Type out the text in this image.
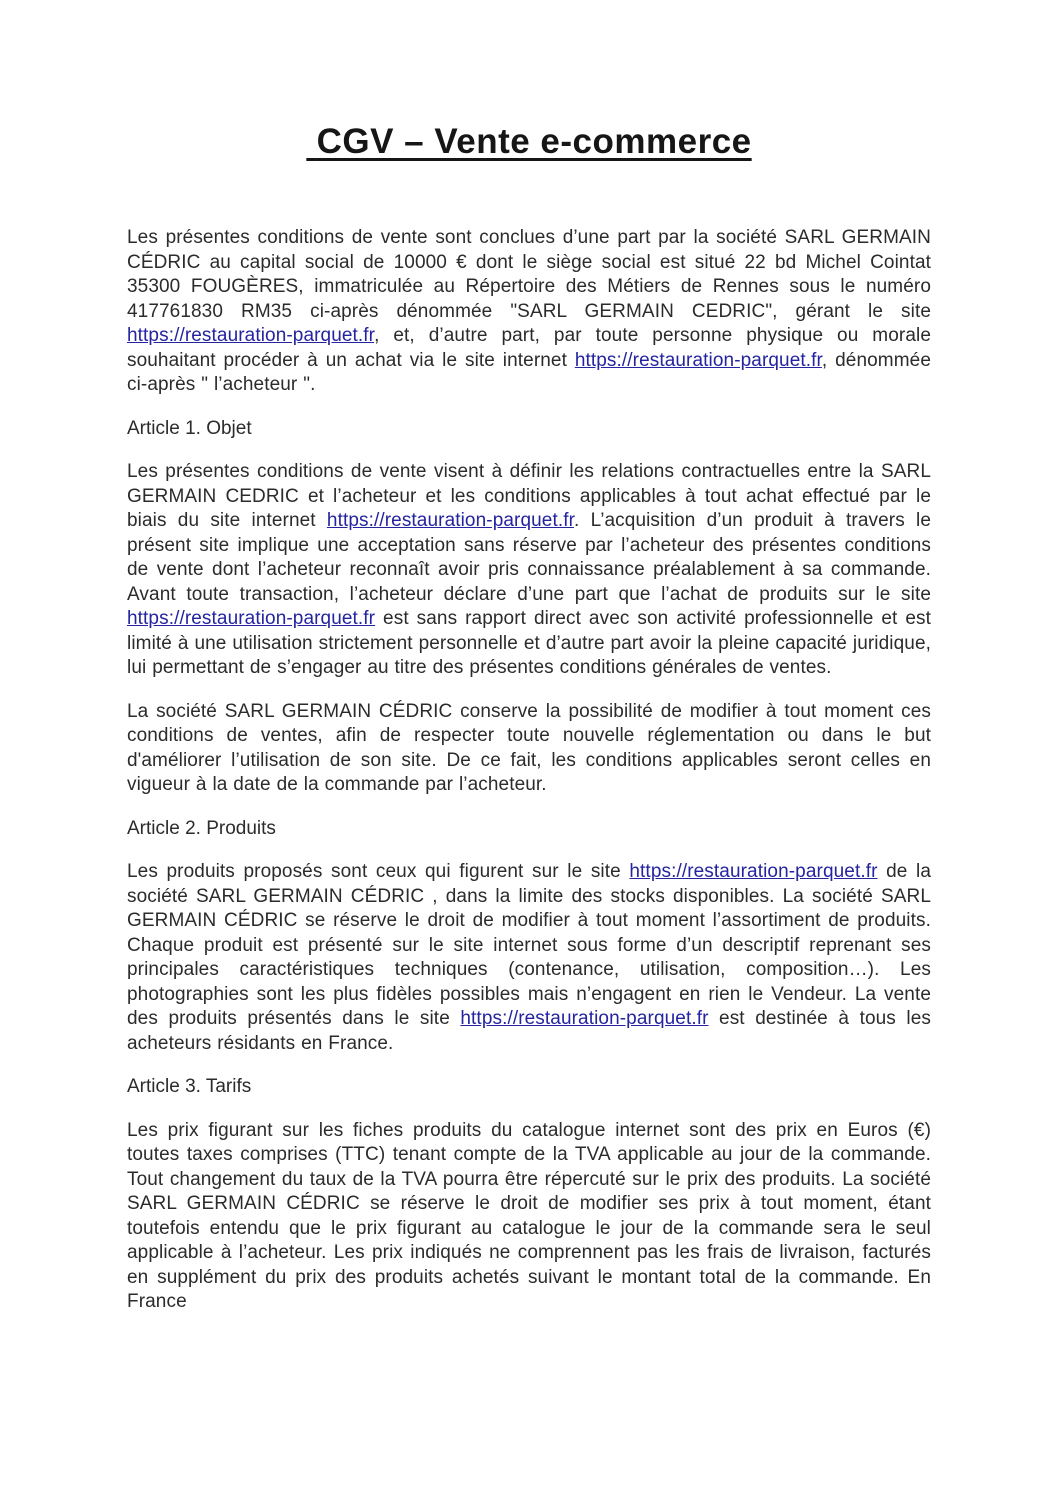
CGV – Vente e-commerce

Les présentes conditions de vente sont conclues d’une part par la société SARL GERMAIN CÉDRIC au capital social de 10000 € dont le siège social est situé 22 bd Michel Cointat 35300 FOUGÈRES, immatriculée au Répertoire des Métiers de Rennes sous le numéro 417761830 RM35 ci-après dénommée "SARL GERMAIN CEDRIC", gérant le site https://restauration-parquet.fr, et, d’autre part, par toute personne physique ou morale souhaitant procéder à un achat via le site internet https://restauration-parquet.fr, dénommée ci-après " l’acheteur ".

Article 1. Objet

Les présentes conditions de vente visent à définir les relations contractuelles entre la SARL GERMAIN CEDRIC et l’acheteur et les conditions applicables à tout achat effectué par le biais du site internet https://restauration-parquet.fr. L’acquisition d’un produit à travers le présent site implique une acceptation sans réserve par l’acheteur des présentes conditions de vente dont l’acheteur reconnaît avoir pris connaissance préalablement à sa commande. Avant toute transaction, l’acheteur déclare d’une part que l’achat de produits sur le site https://restauration-parquet.fr est sans rapport direct avec son activité professionnelle et est limité à une utilisation strictement personnelle et d’autre part avoir la pleine capacité juridique, lui permettant de s’engager au titre des présentes conditions générales de ventes.

La société SARL GERMAIN CÉDRIC conserve la possibilité de modifier à tout moment ces conditions de ventes, afin de respecter toute nouvelle réglementation ou dans le but d'améliorer l’utilisation de son site. De ce fait, les conditions applicables seront celles en vigueur à la date de la commande par l’acheteur.

Article 2. Produits

Les produits proposés sont ceux qui figurent sur le site https://restauration-parquet.fr de la société SARL GERMAIN CÉDRIC , dans la limite des stocks disponibles. La société SARL GERMAIN CÉDRIC se réserve le droit de modifier à tout moment l’assortiment de produits. Chaque produit est présenté sur le site internet sous forme d’un descriptif reprenant ses principales caractéristiques techniques (contenance, utilisation, composition…). Les photographies sont les plus fidèles possibles mais n’engagent en rien le Vendeur. La vente des produits présentés dans le site https://restauration-parquet.fr est destinée à tous les acheteurs résidants en France.

Article 3. Tarifs

Les prix figurant sur les fiches produits du catalogue internet sont des prix en Euros (€) toutes taxes comprises (TTC) tenant compte de la TVA applicable au jour de la commande. Tout changement du taux de la TVA pourra être répercuté sur le prix des produits. La société SARL GERMAIN CÉDRIC se réserve le droit de modifier ses prix à tout moment, étant toutefois entendu que le prix figurant au catalogue le jour de la commande sera le seul applicable à l’acheteur. Les prix indiqués ne comprennent pas les frais de livraison, facturés en supplément du prix des produits achetés suivant le montant total de la commande. En France
